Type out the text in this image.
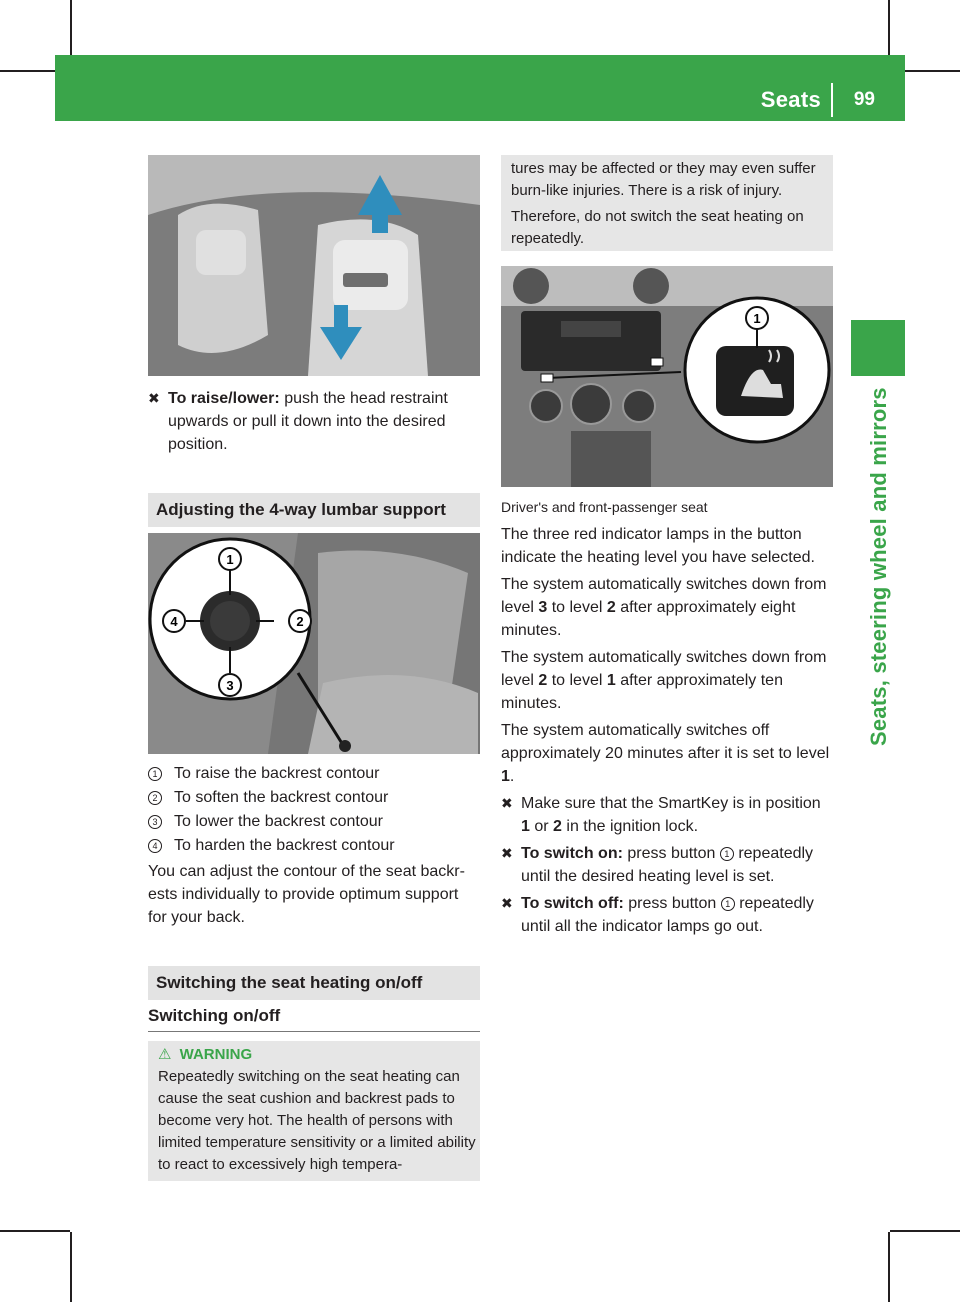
Seats 99
Seats, steering wheel and mirrors
✖ To raise/lower: push the head restraint upwards or pull it down into the desired position.
Adjusting the 4-way lumbar support
1
2
3
4
1 To raise the backrest contour
2 To soften the backrest contour
3 To lower the backrest contour
4 To harden the backrest contour

You can adjust the contour of the seat backr- ests individually to provide optimum support for your back.

Switching the seat heating on/off
Switching on/off
⚠ WARNING

Repeatedly switching on the seat heating can cause the seat cushion and backrest pads to become very hot. The health of persons with limited temperature sensitivity or a limited ability to react to excessively high tempera-

tures may be affected or they may even suffer burn-like injuries. There is a risk of injury.

Therefore, do not switch the seat heating on repeatedly.

1

Driver's and front-passenger seat

The three red indicator lamps in the button indicate the heating level you have selected.

The system automatically switches down from level 3 to level 2 after approximately eight minutes.

The system automatically switches down from level 2 to level 1 after approximately ten minutes.

The system automatically switches off approximately 20 minutes after it is set to level 1.

✖ Make sure that the SmartKey is in position 1 or 2 in the ignition lock.
✖ To switch on: press button 1 repeatedly until the desired heating level is set.
✖ To switch off: press button 1 repeatedly until all the indicator lamps go out.
